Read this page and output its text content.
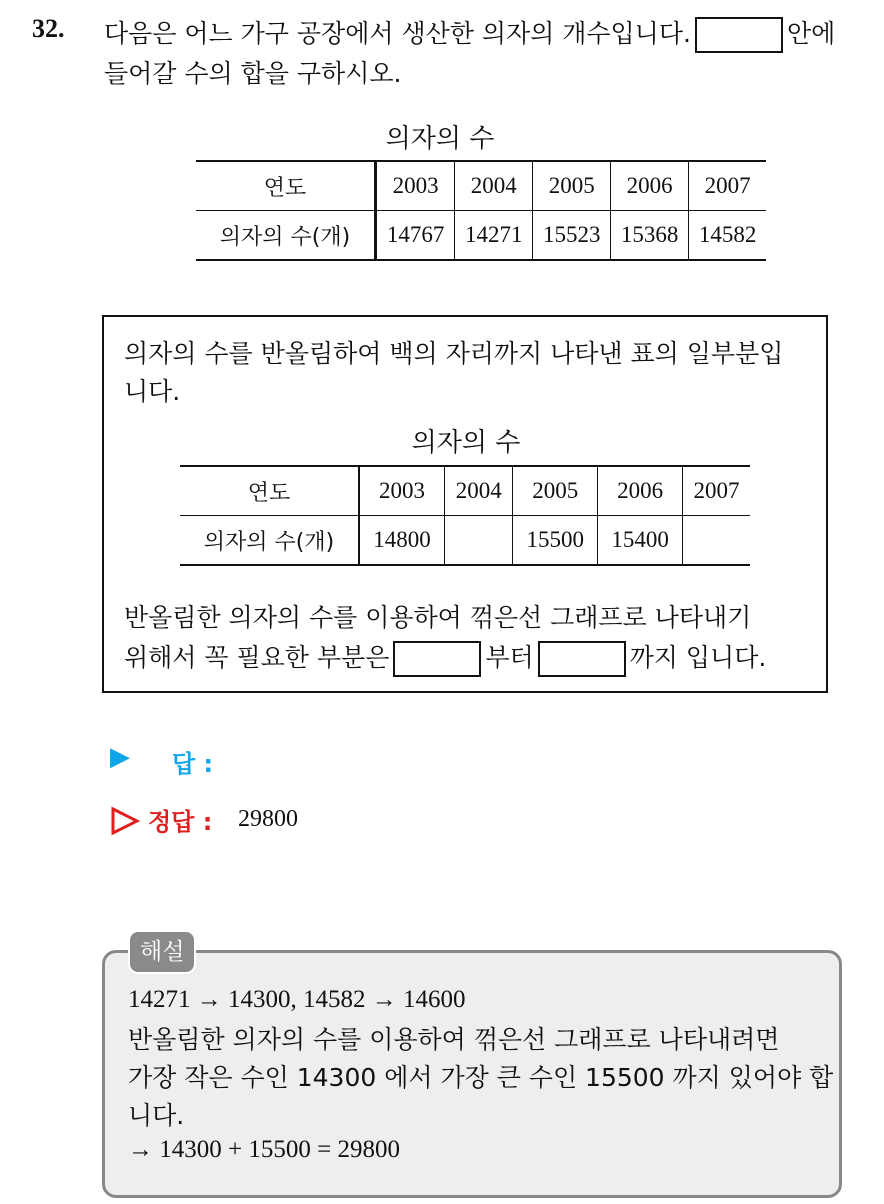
32. 다음은 어느 가구 공장에서 생산한 의자의 개수입니다.	안에
들어갈 수의 합을 구하시오.
의자의 수
연도	2003	2004	2005	2006	2007
의자의 수(개)	14767	14271	15523	15368	14582
의자의 수를 반올림하여 백의 자리까지 나타낸 표의 일부분입
니다.
의자의 수
연도	2003	2004	2005	2006	2007
의자의 수(개)	14800		15500	15400	
반올림한 의자의 수를 이용하여 꺾은선 그래프로 나타내기
위해서 꼭 필요한 부분은	부터	까지 입니다.
▶ 답 :
정답 : 29800
해설
14271 → 14300, 14582 → 14600
반올림한 의자의 수를 이용하여 꺾은선 그래프로 나타내려면
가장 작은 수인 14300 에서 가장 큰 수인 15500 까지 있어야 합
니다.
→ 14300 + 15500 = 29800
